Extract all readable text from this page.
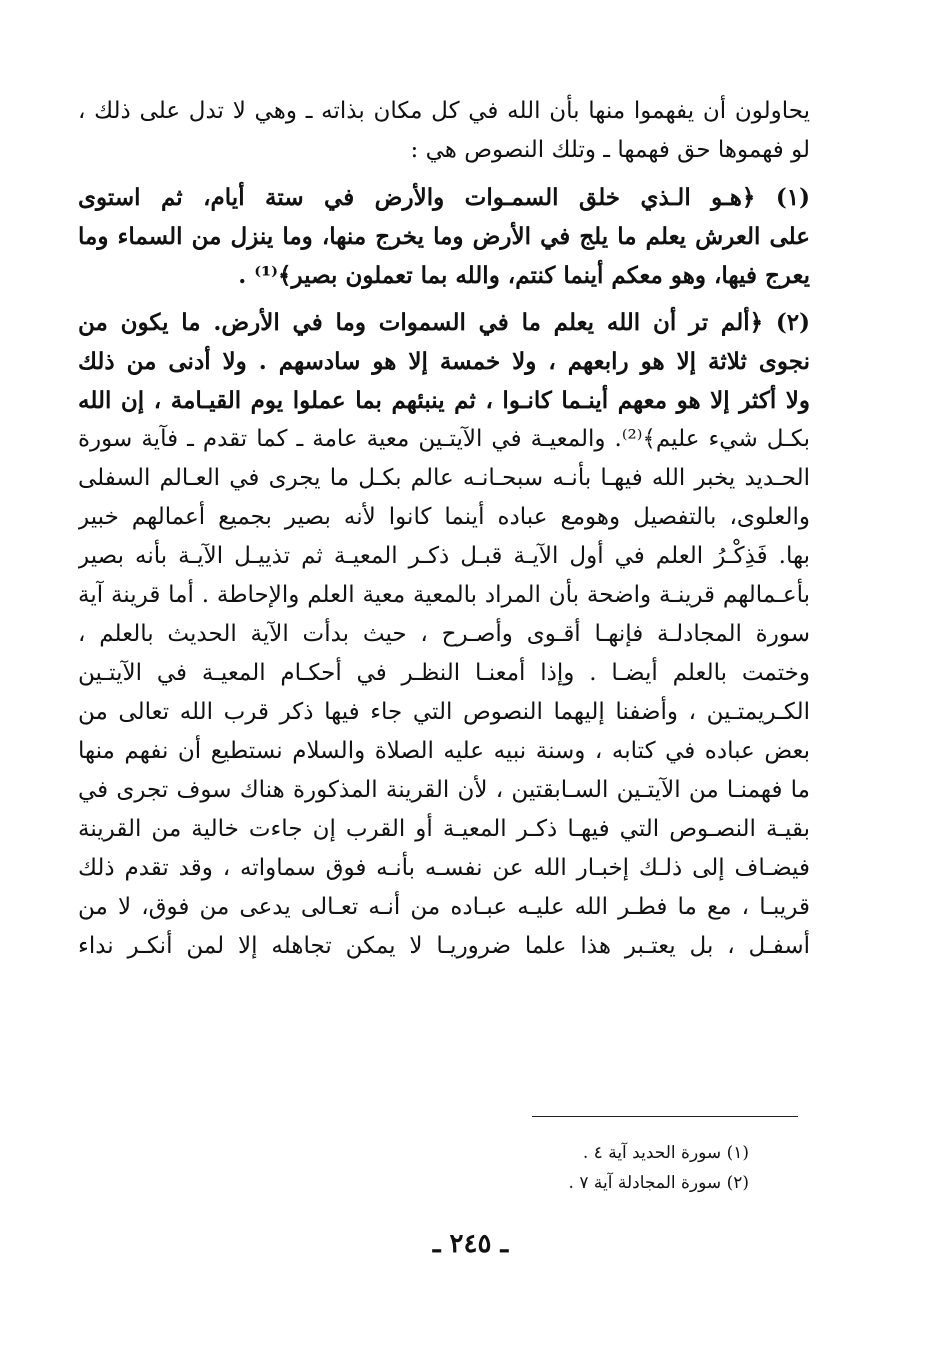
يحاولون أن يفهموا منها بأن الله في كل مكان بذاته ـ وهي لا تدل على ذلك ،
لو فهموها حق فهمها ـ وتلك النصوص هي :
(١) ﴿هـو الـذي خلق السمـوات والأرض في ستة أيام، ثم استوى
على العرش يعلم ما يلج في الأرض وما يخرج منها، وما ينزل من السماء وما
يعرج فيها، وهو معكم أينما كنتم، والله بما تعملون بصير﴾⁽¹⁾ .
(٢) ﴿ألم تر أن الله يعلم ما في السموات وما في الأرض. ما يكون من
نجوى ثلاثة إلا هو رابعهم ، ولا خمسة إلا هو سادسهم . ولا أدنى من ذلك
ولا أكثر إلا هو معهم أينـما كانـوا ، ثم ينبئهم بما عملوا يوم القيـامة ، إن الله
بكـل شيء عليم﴾⁽²⁾. والمعيـة في الآيتـين معية عامة ـ كما تقدم ـ فآية سورة
الحـديد يخبر الله فيهـا بأنـه سبحـانـه عالم بكـل ما يجرى في العـالم السفلى
والعلوى، بالتفصيل وهومع عباده أينما كانوا لأنه بصير بجميع أعمالهم خبير
بها. فَذِكْـرُ العلم في أول الآيـة قبـل ذكـر المعيـة ثم تذييـل الآيـة بأنه بصير
بأعـمالهم قرينـة واضحة بأن المراد بالمعية معية العلم والإحاطة . أما قرينة آية
سورة المجادلـة فإنهـا أقـوى وأصـرح ، حيث بدأت الآية الحديث بالعلم ،
وختمت بالعلم أيضـا . وإذا أمعنـا النظـر في أحكـام المعيـة في الآيتـين
الكـريمتـين ، وأضفنا إليهما النصوص التي جاء فيها ذكر قرب الله تعالى من
بعض عباده في كتابه ، وسنة نبيه عليه الصلاة والسلام نستطيع أن نفهم منها
ما فهمنـا من الآيتـين السـابقتين ، لأن القرينة المذكورة هناك سوف تجرى في
بقيـة النصـوص التي فيهـا ذكـر المعيـة أو القرب إن جاءت خالية من القرينة
فيضـاف إلى ذلـك إخبـار الله عن نفسـه بأنـه فوق سماواته ، وقد تقدم ذلك
قريبـا ، مع ما فطـر الله عليـه عبـاده من أنـه تعـالى يدعى من فوق، لا من
أسفـل ، بل يعتـبر هذا علما ضروريـا لا يمكن تجاهله إلا لمن أنكـر نداء
(١) سورة الحديد آية ٤ .
(٢) سورة المجادلة آية ٧ .
ـ ٢٤٥ ـ
